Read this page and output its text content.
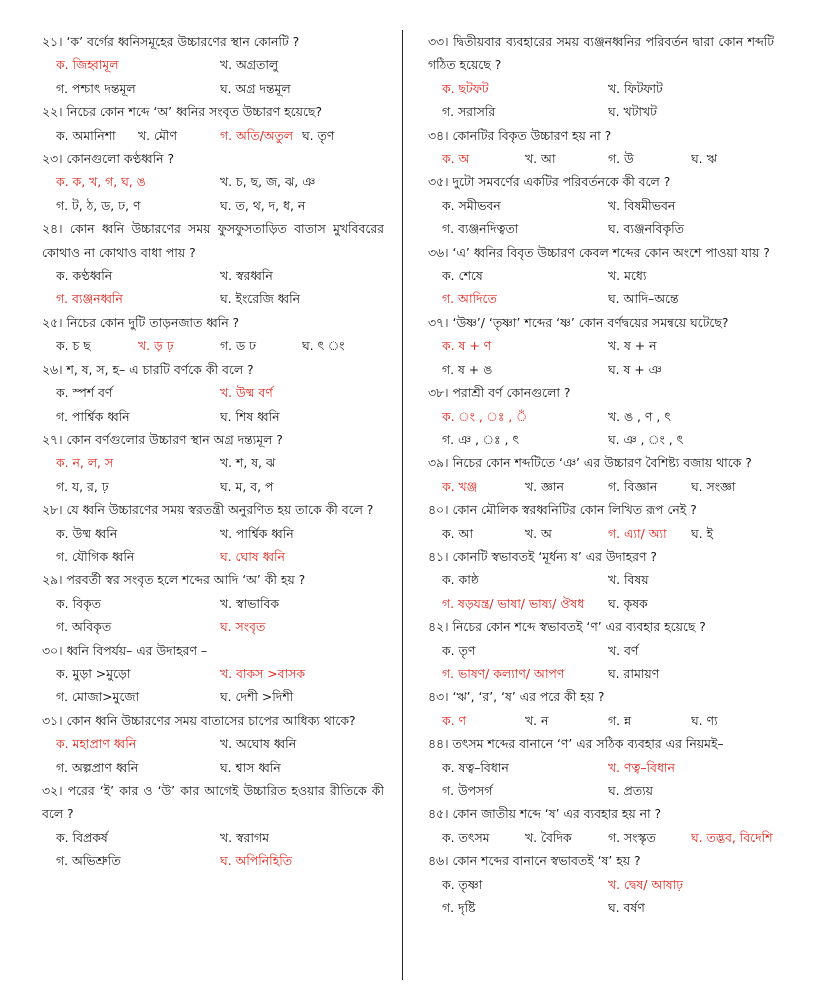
২১। ‘ক’ বর্গের ধ্বনিসমূহের উচ্চারণের স্থান কোনটি ?
ক. জিহ্বামূল	খ. অগ্রতালু
গ. পশ্চাৎ দন্তমূল	ঘ. অগ্র দন্তমূল
২২। নিচের কোন শব্দে ‘অ’ ধ্বনির সংবৃত উচ্চারণ হয়েছে?
ক. অমানিশা	খ. মৌণ	গ. অতি/অতুল ঘ. তৃণ
২৩। কোনগুলো কণ্ঠধ্বনি ?
ক. ক, খ, গ, ঘ, ঙ	খ. চ, ছ, জ, ঝ, ঞ
গ. ট, ঠ, ড, ঢ, ণ	ঘ. ত, থ, দ, ধ, ন
২৪। কোন ধ্বনি উচ্চারণের সময় ফুসফুসতাড়িত বাতাস মুখবিবরের কোথাও না কোথাও বাধা পায় ?
ক. কণ্ঠধ্বনি	খ. স্বরধ্বনি
গ. ব্যঞ্জনধ্বনি	ঘ. ইংরেজি ধ্বনি
২৫। নিচের কোন দুটি তাড়নজাত ধ্বনি ?
ক. চ ছ	খ. ড় ঢ়	গ. ড ঢ	ঘ. ৎ ং
২৬। শ, ষ, স, হ– এ চারটি বর্ণকে কী বলে ?
ক. স্পর্শ বর্ণ	খ. উষ্ম বর্ণ
গ. পার্শ্বিক ধ্বনি	ঘ. শিষ ধ্বনি
২৭। কোন বর্ণগুলোর উচ্চারণ স্থান অগ্র দন্ত্যমূল ?
ক. ন, ল, স	খ. শ, ষ, ঝ
গ. য, র, ঢ়	ঘ. ম, ব, প
২৮। যে ধ্বনি উচ্চারণের সময় স্বরতন্ত্রী অনুরণিত হয় তাকে কী বলে ?
ক. উষ্ম ধ্বনি	খ. পার্শ্বিক ধ্বনি
গ. যৌগিক ধ্বনি	ঘ. ঘোষ ধ্বনি
২৯। পরবর্তী স্বর সংবৃত হলে শব্দের আদি ‘অ’ কী হয় ?
ক. বিকৃত	খ. স্বাভাবিক
গ. অবিকৃত	ঘ. সংবৃত
৩০। ধ্বনি বিপর্যয়– এর উদাহরণ –
ক. মুড়া >মুড়ো	খ. বাকস >বাসক
গ. মোজা>মুজো	ঘ. দেশী >দিশী
৩১। কোন ধ্বনি উচ্চারণের সময় বাতাসের চাপের আধিক্য থাকে?
ক. মহাপ্রাণ ধ্বনি	খ. অঘোষ ধ্বনি
গ. অল্পপ্রাণ ধ্বনি	ঘ. শ্বাস ধ্বনি
৩২। পরের ‘ই’ কার ও ‘উ’ কার আগেই উচ্চারিত হওয়ার রীতিকে কী বলে ?
ক. বিপ্রকর্ষ	খ. স্বরাগম
গ. অভিশ্রুতি	ঘ. অপিনিহিতি
৩৩। দ্বিতীয়বার ব্যবহারের সময় ব্যঞ্জনধ্বনির পরিবর্তন দ্বারা কোন শব্দটি গঠিত হয়েছে ?
ক. ছটফট	খ. ফিটফাট
গ. সরাসরি	ঘ. খটাখট
৩৪। কোনটির বিকৃত উচ্চারণ হয় না ?
ক. অ	খ. আ	গ. উ	ঘ. ঋ
৩৫। দুটো সমবর্ণের একটির পরিবর্তনকে কী বলে ?
ক. সমীভবন	খ. বিষমীভবন
গ. ব্যঞ্জনদিত্বতা	ঘ. ব্যঞ্জনবিকৃতি
৩৬। ‘এ’ ধ্বনির বিবৃত উচ্চারণ কেবল শব্দের কোন অংশে পাওয়া যায় ?
ক. শেষে	খ. মধ্যে
গ. আদিতে	ঘ. আদি–অন্তে
৩৭। ‘উষ্ণ’/ ‘তৃষ্ণা’ শব্দের ‘ষ্ণ’ কোন বর্ণদ্বয়ের সমন্বয়ে ঘটেছে?
ক. ষ + ণ	খ. ষ + ন
গ. ষ + ঙ	ঘ. ষ + ঞ
৩৮। পরাশ্রী বর্ণ কোনগুলো ?
ক. ং , ঃ , ঁ	খ. ঙ , ণ , ৎ
গ. ঞ , ঃ , ৎ	ঘ. ঞ , ং , ৎ
৩৯। নিচের কোন শব্দটিতে ‘ঞ’ এর উচ্চারণ বৈশিষ্ট্য বজায় থাকে ?
ক. খঞ্জ	খ. জ্ঞান	গ. বিজ্ঞান	ঘ. সংজ্ঞা
৪০। কোন মৌলিক স্বরধ্বনিটির কোন লিখিত রূপ নেই ?
ক. আ	খ. অ	গ. এ্যা/ অ্যা	ঘ. ই
৪১। কোনটি স্বভাবতই ‘মূর্ধন্য ষ’ এর উদাহরণ ?
ক. কাষ্ঠ	খ. বিষয়
গ. ষড়যন্ত্র/ ভাষা/ ভাষ্য/ ঔষধ	ঘ. কৃষক
৪২। নিচের কোন শব্দে স্বভাবতই ‘ণ’ এর ব্যবহার হয়েছে ?
ক. তৃণ	খ. বর্ণ
গ. ভাষণ/ কল্যাণ/ আপণ	ঘ. রামায়ণ
৪৩। ‘ঋ’, ‘র’, ‘ষ’ এর পরে কী হয় ?
ক. ণ	খ. ন	গ. ন্ন	ঘ. ণ্য
৪৪। তৎসম শব্দের বানানে ‘ণ’ এর সঠিক ব্যবহার এর নিয়মই–
ক. ষত্ব–বিধান	খ. ণত্ব–বিধান
গ. উপসর্গ	ঘ. প্রত্যয়
৪৫। কোন জাতীয় শব্দে ‘ষ’ এর ব্যবহার হয় না ?
ক. তৎসম	খ. বৈদিক	গ. সংস্কৃত	ঘ. তদ্ভব, বিদেশি
৪৬। কোন শব্দের বানানে স্বভাবতই ‘ষ’ হয় ?
ক. তৃষ্ণা	খ. দ্বেষ/ আষাঢ়
গ. দৃষ্টি	ঘ. বর্ষণ
